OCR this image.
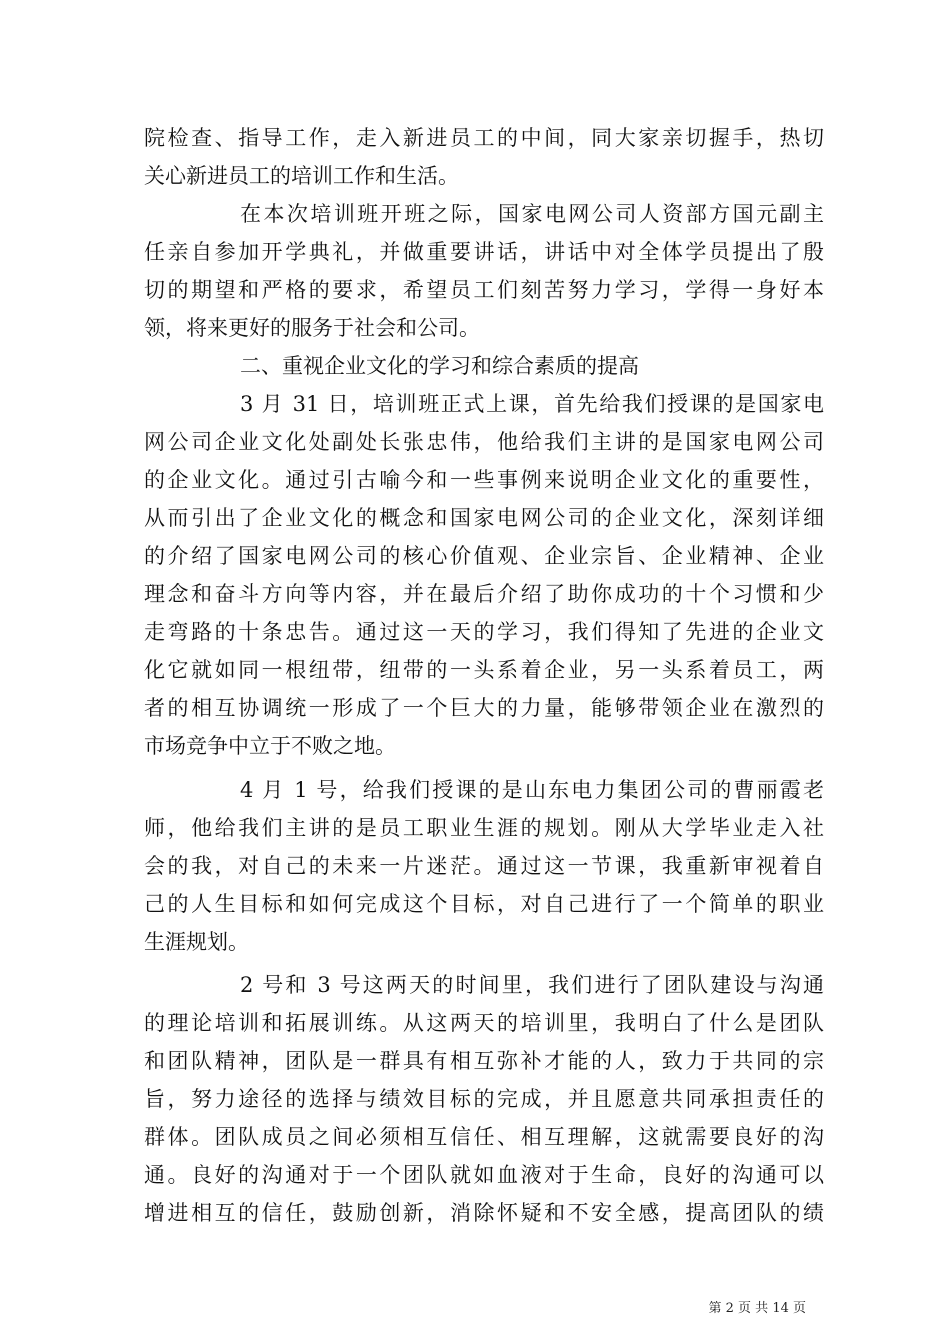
院检查、指导工作，走入新进员工的中间，同大家亲切握手，热切
关心新进员工的培训工作和生活。
在本次培训班开班之际，国家电网公司人资部方国元副主
任亲自参加开学典礼，并做重要讲话，讲话中对全体学员提出了殷
切的期望和严格的要求，希望员工们刻苦努力学习，学得一身好本
领，将来更好的服务于社会和公司。
二、重视企业文化的学习和综合素质的提高
3 月 31 日，培训班正式上课，首先给我们授课的是国家电
网公司企业文化处副处长张忠伟，他给我们主讲的是国家电网公司
的企业文化。通过引古喻今和一些事例来说明企业文化的重要性，
从而引出了企业文化的概念和国家电网公司的企业文化，深刻详细
的介绍了国家电网公司的核心价值观、企业宗旨、企业精神、企业
理念和奋斗方向等内容，并在最后介绍了助你成功的十个习惯和少
走弯路的十条忠告。通过这一天的学习，我们得知了先进的企业文
化它就如同一根纽带，纽带的一头系着企业，另一头系着员工，两
者的相互协调统一形成了一个巨大的力量，能够带领企业在激烈的
市场竞争中立于不败之地。
4 月 1 号，给我们授课的是山东电力集团公司的曹丽霞老
师，他给我们主讲的是员工职业生涯的规划。刚从大学毕业走入社
会的我，对自己的未来一片迷茫。通过这一节课，我重新审视着自
己的人生目标和如何完成这个目标，对自己进行了一个简单的职业
生涯规划。
2 号和 3 号这两天的时间里，我们进行了团队建设与沟通
的理论培训和拓展训练。从这两天的培训里，我明白了什么是团队
和团队精神，团队是一群具有相互弥补才能的人，致力于共同的宗
旨，努力途径的选择与绩效目标的完成，并且愿意共同承担责任的
群体。团队成员之间必须相互信任、相互理解，这就需要良好的沟
通。良好的沟通对于一个团队就如血液对于生命，良好的沟通可以
增进相互的信任，鼓励创新，消除怀疑和不安全感，提高团队的绩
第 2 页 共 14 页
